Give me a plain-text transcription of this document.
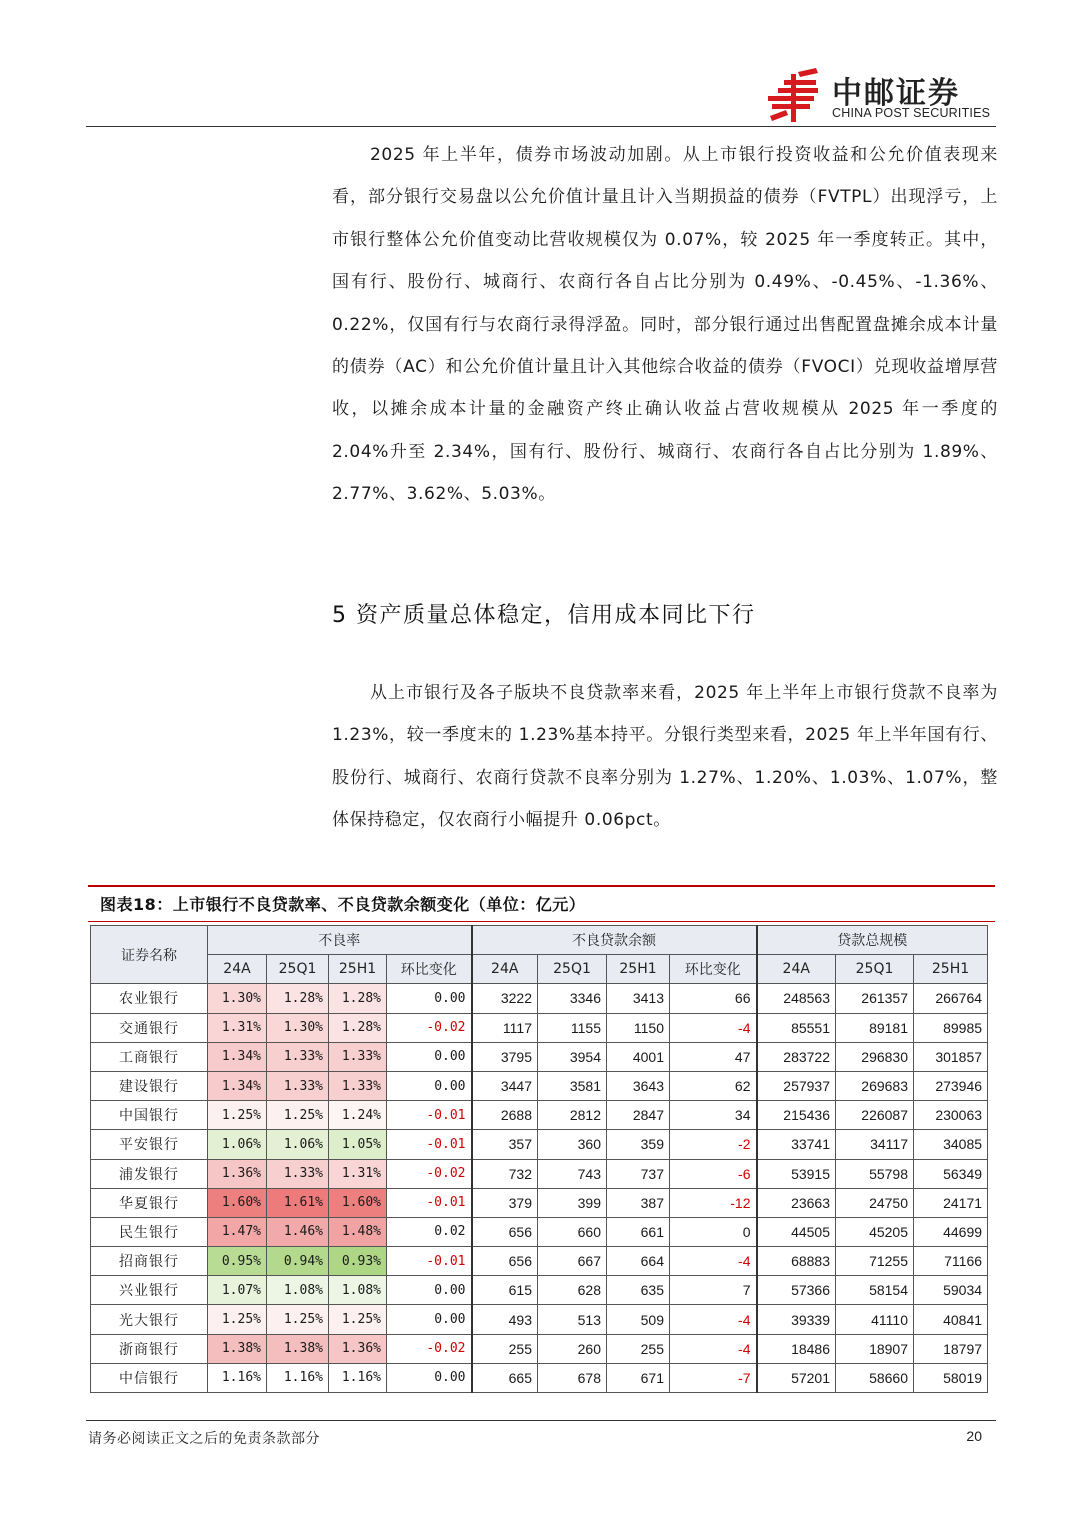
中邮证券
CHINA POST SECURITIES
2025 年上半年，债券市场波动加剧。从上市银行投资收益和公允价值表现来看，部分银行交易盘以公允价值计量且计入当期损益的债券（FVTPL）出现浮亏，上市银行整体公允价值变动比营收规模仅为 0.07%，较 2025 年一季度转正。其中，国有行、股份行、城商行、农商行各自占比分别为 0.49%、-0.45%、-1.36%、0.22%，仅国有行与农商行录得浮盈。同时，部分银行通过出售配置盘摊余成本计量的债券（AC）和公允价值计量且计入其他综合收益的债券（FVOCI）兑现收益增厚营收，以摊余成本计量的金融资产终止确认收益占营收规模从 2025 年一季度的 2.04%升至 2.34%，国有行、股份行、城商行、农商行各自占比分别为 1.89%、2.77%、3.62%、5.03%。
5 资产质量总体稳定，信用成本同比下行
从上市银行及各子版块不良贷款率来看，2025 年上半年上市银行贷款不良率为 1.23%，较一季度末的 1.23%基本持平。分银行类型来看，2025 年上半年国有行、股份行、城商行、农商行贷款不良率分别为 1.27%、1.20%、1.03%、1.07%，整体保持稳定，仅农商行小幅提升 0.06pct。
图表18：上市银行不良贷款率、不良贷款余额变化（单位：亿元）
证券名称	不良率				不良贷款余额				贷款总规模		
	24A	25Q1	25H1	环比变化	24A	25Q1	25H1	环比变化	24A	25Q1	25H1
农业银行	1.30%	1.28%	1.28%	0.00	3222	3346	3413	66	248563	261357	266764
交通银行	1.31%	1.30%	1.28%	-0.02	1117	1155	1150	-4	85551	89181	89985
工商银行	1.34%	1.33%	1.33%	0.00	3795	3954	4001	47	283722	296830	301857
建设银行	1.34%	1.33%	1.33%	0.00	3447	3581	3643	62	257937	269683	273946
中国银行	1.25%	1.25%	1.24%	-0.01	2688	2812	2847	34	215436	226087	230063
平安银行	1.06%	1.06%	1.05%	-0.01	357	360	359	-2	33741	34117	34085
浦发银行	1.36%	1.33%	1.31%	-0.02	732	743	737	-6	53915	55798	56349
华夏银行	1.60%	1.61%	1.60%	-0.01	379	399	387	-12	23663	24750	24171
民生银行	1.47%	1.46%	1.48%	0.02	656	660	661	0	44505	45205	44699
招商银行	0.95%	0.94%	0.93%	-0.01	656	667	664	-4	68883	71255	71166
兴业银行	1.07%	1.08%	1.08%	0.00	615	628	635	7	57366	58154	59034
光大银行	1.25%	1.25%	1.25%	0.00	493	513	509	-4	39339	41110	40841
浙商银行	1.38%	1.38%	1.36%	-0.02	255	260	255	-4	18486	18907	18797
中信银行	1.16%	1.16%	1.16%	0.00	665	678	671	-7	57201	58660	58019
请务必阅读正文之后的免责条款部分	20
